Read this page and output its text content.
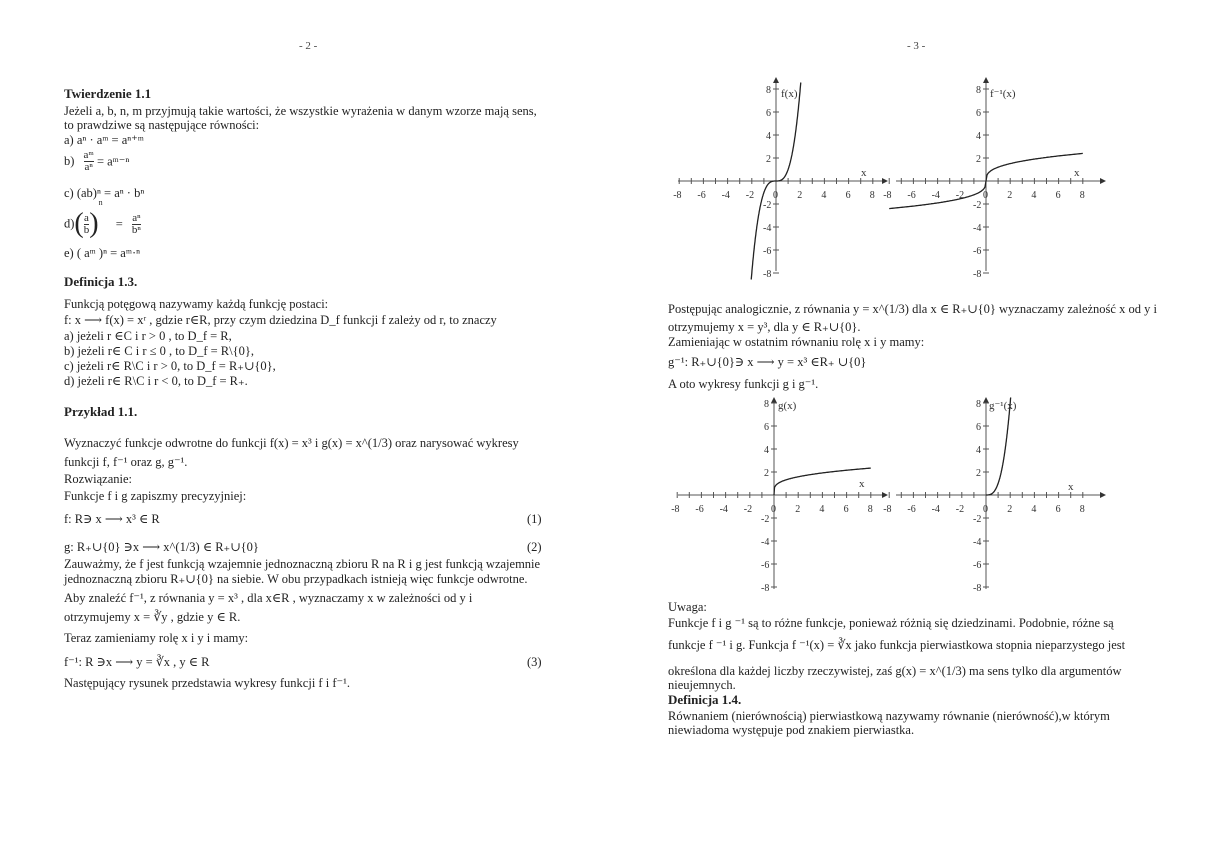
- 2 -
Twierdzenie 1.1
Jeżeli a, b, n, m przyjmują takie wartości, że wszystkie wyrażenia w danym wzorze mają sens,
to prawdziwe są następujące równości:
a) aⁿ · aᵐ = aⁿ⁺ᵐ
$b) \frac{\text{aᵐ}}{\text{aⁿ}}$ = aᵐ⁻ⁿ
c) (ab)ⁿ = aⁿ · bⁿ
$d)( \frac{a}{b} )^n = \frac{\text{aⁿ}}{\text{bⁿ}}$
e) ( aᵐ )ⁿ = aᵐ·ⁿ
Definicja 1.3.
Funkcją potęgową nazywamy każdą funkcję postaci:
f: x ⟶ f(x) = xʳ , gdzie r∈R, przy czym dziedzina D_f funkcji f zależy od r, to znaczy
a) jeżeli r ∈C i r > 0 , to D_f = R,
b) jeżeli r∈ C i r ≤ 0 , to D_f = R\{0},
c) jeżeli r∈ R\C i r > 0, to D_f = R₊∪{0},
d) jeżeli r∈ R\C i r < 0, to D_f = R₊.
Przykład 1.1.
Wyznaczyć funkcje odwrotne do funkcji f(x) = x³ i g(x) = x^(1/3) oraz narysować wykresy
funkcji f, f⁻¹ oraz g, g⁻¹.
Rozwiązanie:
Funkcje f i g zapiszmy precyzyjniej:
f: R∋ x ⟶ x³ ∈ R	(1)
g: R₊∪{0} ∋x ⟶ x^(1/3) ∈ R₊∪{0}	(2)
Zauważmy, że f jest funkcją wzajemnie jednoznaczną zbioru R na R i g jest funkcją wzajemnie
jednoznaczną zbioru R₊∪{0} na siebie. W obu przypadkach istnieją więc funkcje odwrotne.
Aby znaleźć f⁻¹, z równania y = x³ , dla x∈R , wyznaczamy x w zależności od y i
otrzymujemy x = ∛y , gdzie y ∈ R.
Teraz zamieniamy rolę x i y i mamy:
f⁻¹: R ∋x ⟶ y = ∛x , y ∈ R	(3)
Następujący rysunek przedstawia wykresy funkcji f i f⁻¹.
- 3 -
f(x)
x
-8 -6 -4 -2 0 2 4 6 8
8
6
4
2
-2
-4
-6
-8
f⁻¹(x)
x
-8 -6 -4 -2 0 2 4 6 8
8
6
4
2
-2
-4
-6
-8
Postępując analogicznie, z równania y = x^(1/3) dla x ∈ R₊∪{0} wyznaczamy zależność x od y i
otrzymujemy x = y³, dla y ∈ R₊∪{0}.
Zamieniając w ostatnim równaniu rolę x i y mamy:
g⁻¹: R₊∪{0}∋ x ⟶ y = x³ ∈R₊ ∪{0}
A oto wykresy funkcji g i g⁻¹.
g(x)
x
-8 -6 -4 -2 0 2 4 6 8
8
6
4
2
-2
-4
-6
-8
g⁻¹(x)
x
-8 -6 -4 -2 0 2 4 6 8
8
6
4
2
-2
-4
-6
-8
Uwaga:
Funkcje f i g ⁻¹ są to różne funkcje, ponieważ różnią się dziedzinami. Podobnie, różne są
funkcje f ⁻¹ i g. Funkcja f ⁻¹(x) = ∛x jako funkcja pierwiastkowa stopnia nieparzystego jest
określona dla każdej liczby rzeczywistej, zaś g(x) = x^(1/3) ma sens tylko dla argumentów
nieujemnych.
Definicja 1.4.
Równaniem (nierównością) pierwiastkową nazywamy równanie (nierówność),w którym
niewiadoma występuje pod znakiem pierwiastka.
